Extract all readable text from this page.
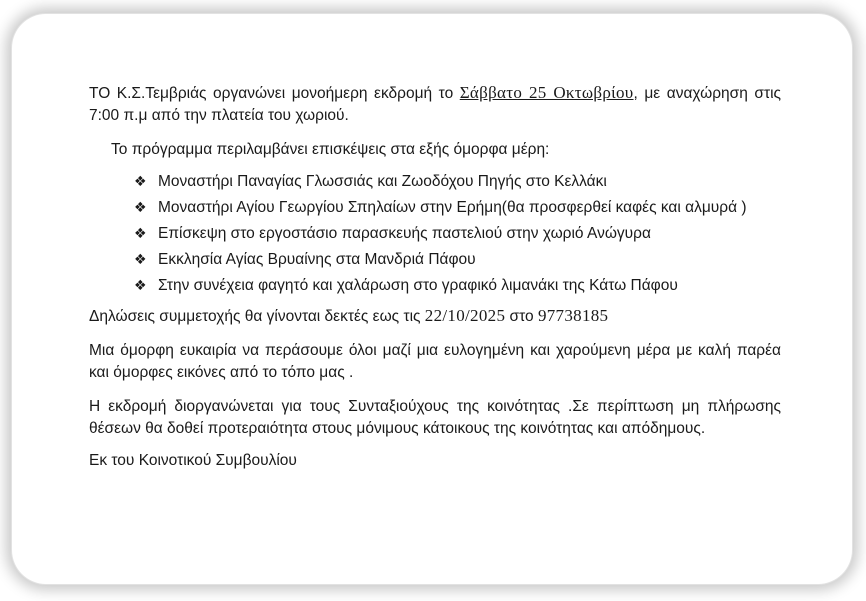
ΤΟ Κ.Σ.Τεμβριάς οργανώνει μονοήμερη εκδρομή το Σάββατο 25 Οκτωβρίου, με αναχώρηση στις 7:00 π.μ από την πλατεία του χωριού.

Το πρόγραμμα περιλαμβάνει επισκέψεις στα εξής όμορφα μέρη:

❖ Μοναστήρι Παναγίας Γλωσσιάς και Ζωοδόχου Πηγής στο Κελλάκι
❖ Μοναστήρι Αγίου Γεωργίου Σπηλαίων στην Ερήμη(θα προσφερθεί καφές και αλμυρά )
❖ Επίσκεψη στο εργοστάσιο παρασκευής παστελιού στην χωριό Ανώγυρα
❖ Εκκλησία Αγίας Βρυαίνης στα Μανδριά Πάφου
❖ Στην συνέχεια φαγητό και χαλάρωση στο γραφικό λιμανάκι της Κάτω Πάφου

Δηλώσεις συμμετοχής θα γίνονται δεκτές εως τις 22/10/2025 στο 97738185

Μια όμορφη ευκαιρία να περάσουμε όλοι μαζί μια ευλογημένη και χαρούμενη μέρα με καλή παρέα και όμορφες εικόνες από το τόπο μας .

Η εκδρομή διοργανώνεται για τους Συνταξιούχους της κοινότητας .Σε περίπτωση μη πλήρωσης θέσεων θα δοθεί προτεραιότητα στους μόνιμους κάτοικους της κοινότητας και απόδημους.

Εκ του Κοινοτικού Συμβουλίου
